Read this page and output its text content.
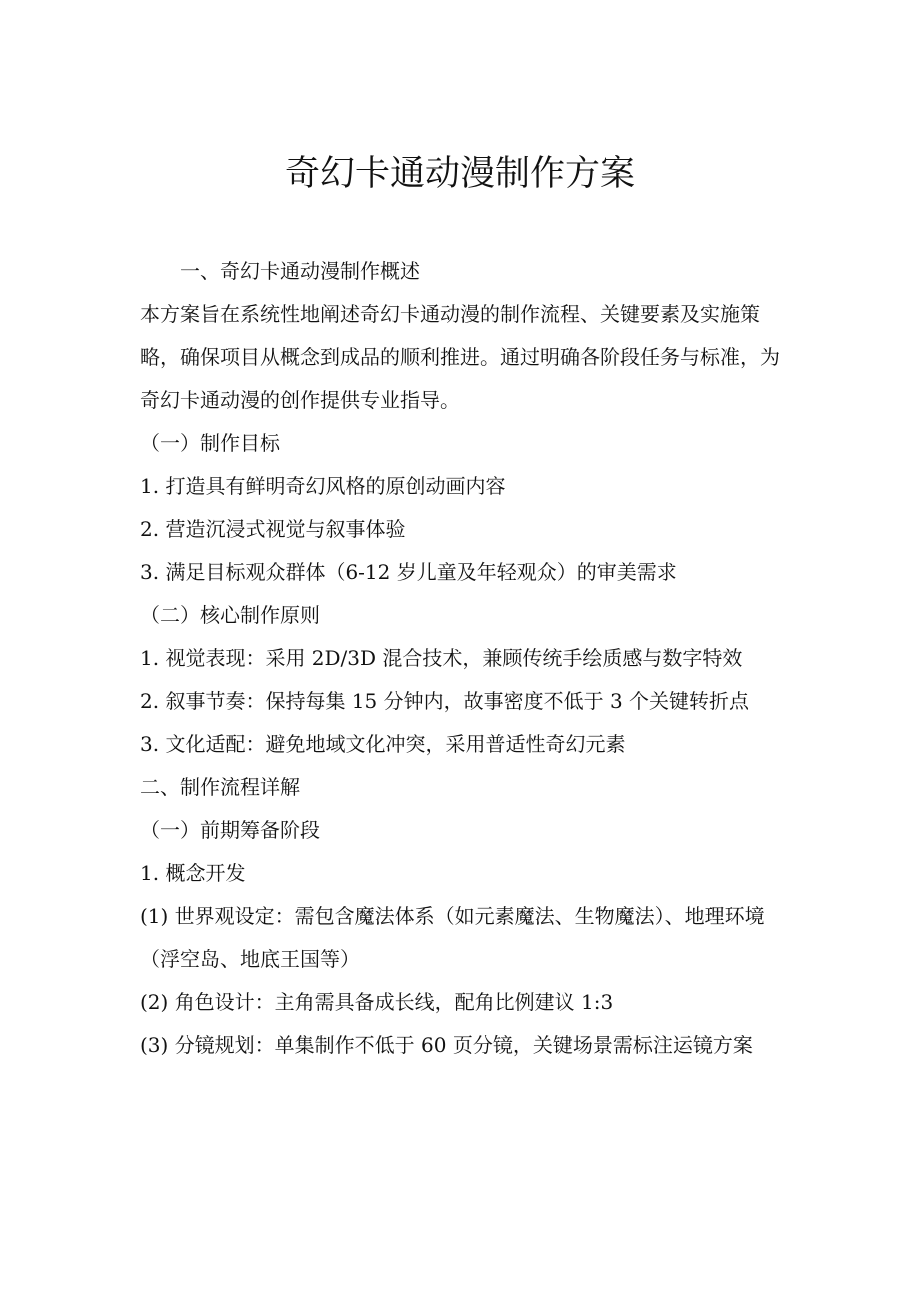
奇幻卡通动漫制作方案

一、奇幻卡通动漫制作概述

本方案旨在系统性地阐述奇幻卡通动漫的制作流程、关键要素及实施策略，确保项目从概念到成品的顺利推进。通过明确各阶段任务与标准，为奇幻卡通动漫的创作提供专业指导。

（一）制作目标

1. 打造具有鲜明奇幻风格的原创动画内容

2. 营造沉浸式视觉与叙事体验

3. 满足目标观众群体（6-12 岁儿童及年轻观众）的审美需求

（二）核心制作原则

1. 视觉表现：采用 2D/3D 混合技术，兼顾传统手绘质感与数字特效

2. 叙事节奏：保持每集 15 分钟内，故事密度不低于 3 个关键转折点

3. 文化适配：避免地域文化冲突，采用普适性奇幻元素

二、制作流程详解

（一）前期筹备阶段

1. 概念开发

(1) 世界观设定：需包含魔法体系（如元素魔法、生物魔法）、地理环境（浮空岛、地底王国等）

(2) 角色设计：主角需具备成长线，配角比例建议 1:3

(3) 分镜规划：单集制作不低于 60 页分镜，关键场景需标注运镜方案
